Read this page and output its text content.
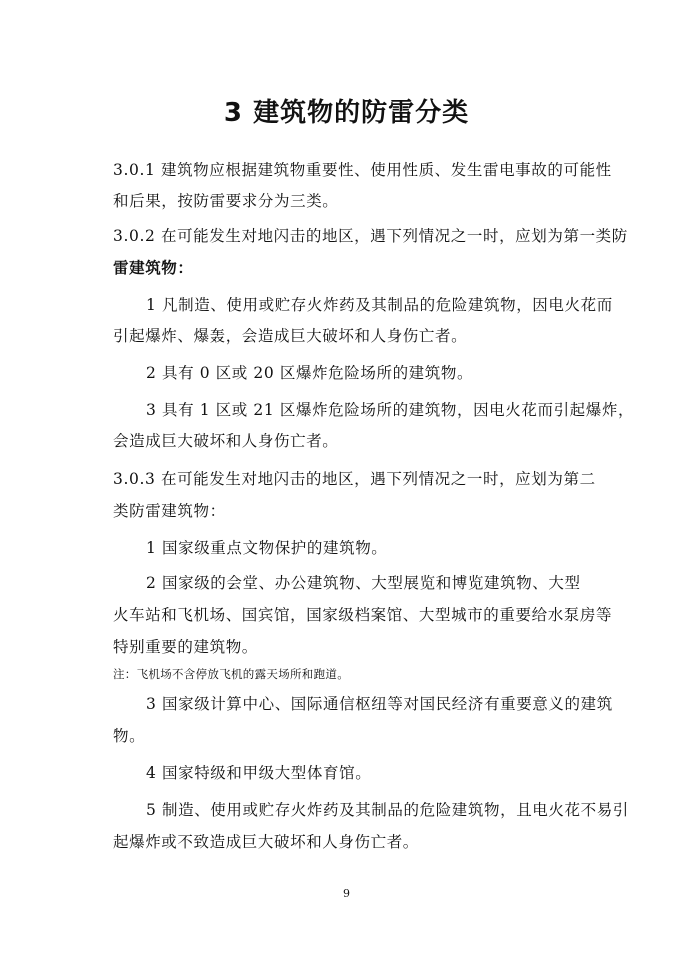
3 建筑物的防雷分类
3.0.1 建筑物应根据建筑物重要性、使用性质、发生雷电事故的可能性
和后果，按防雷要求分为三类。
3.0.2 在可能发生对地闪击的地区，遇下列情况之一时，应划为第一类防
雷建筑物：
1 凡制造、使用或贮存火炸药及其制品的危险建筑物，因电火花而
引起爆炸、爆轰，会造成巨大破坏和人身伤亡者。
2 具有 0 区或 20 区爆炸危险场所的建筑物。
3 具有 1 区或 21 区爆炸危险场所的建筑物，因电火花而引起爆炸，
会造成巨大破坏和人身伤亡者。
3.0.3 在可能发生对地闪击的地区，遇下列情况之一时，应划为第二
类防雷建筑物：
1 国家级重点文物保护的建筑物。
2 国家级的会堂、办公建筑物、大型展览和博览建筑物、大型
火车站和飞机场、国宾馆，国家级档案馆、大型城市的重要给水泵房等
特别重要的建筑物。
注：飞机场不含停放飞机的露天场所和跑道。
3 国家级计算中心、国际通信枢纽等对国民经济有重要意义的建筑
物。
4 国家特级和甲级大型体育馆。
5 制造、使用或贮存火炸药及其制品的危险建筑物，且电火花不易引
起爆炸或不致造成巨大破坏和人身伤亡者。
9
